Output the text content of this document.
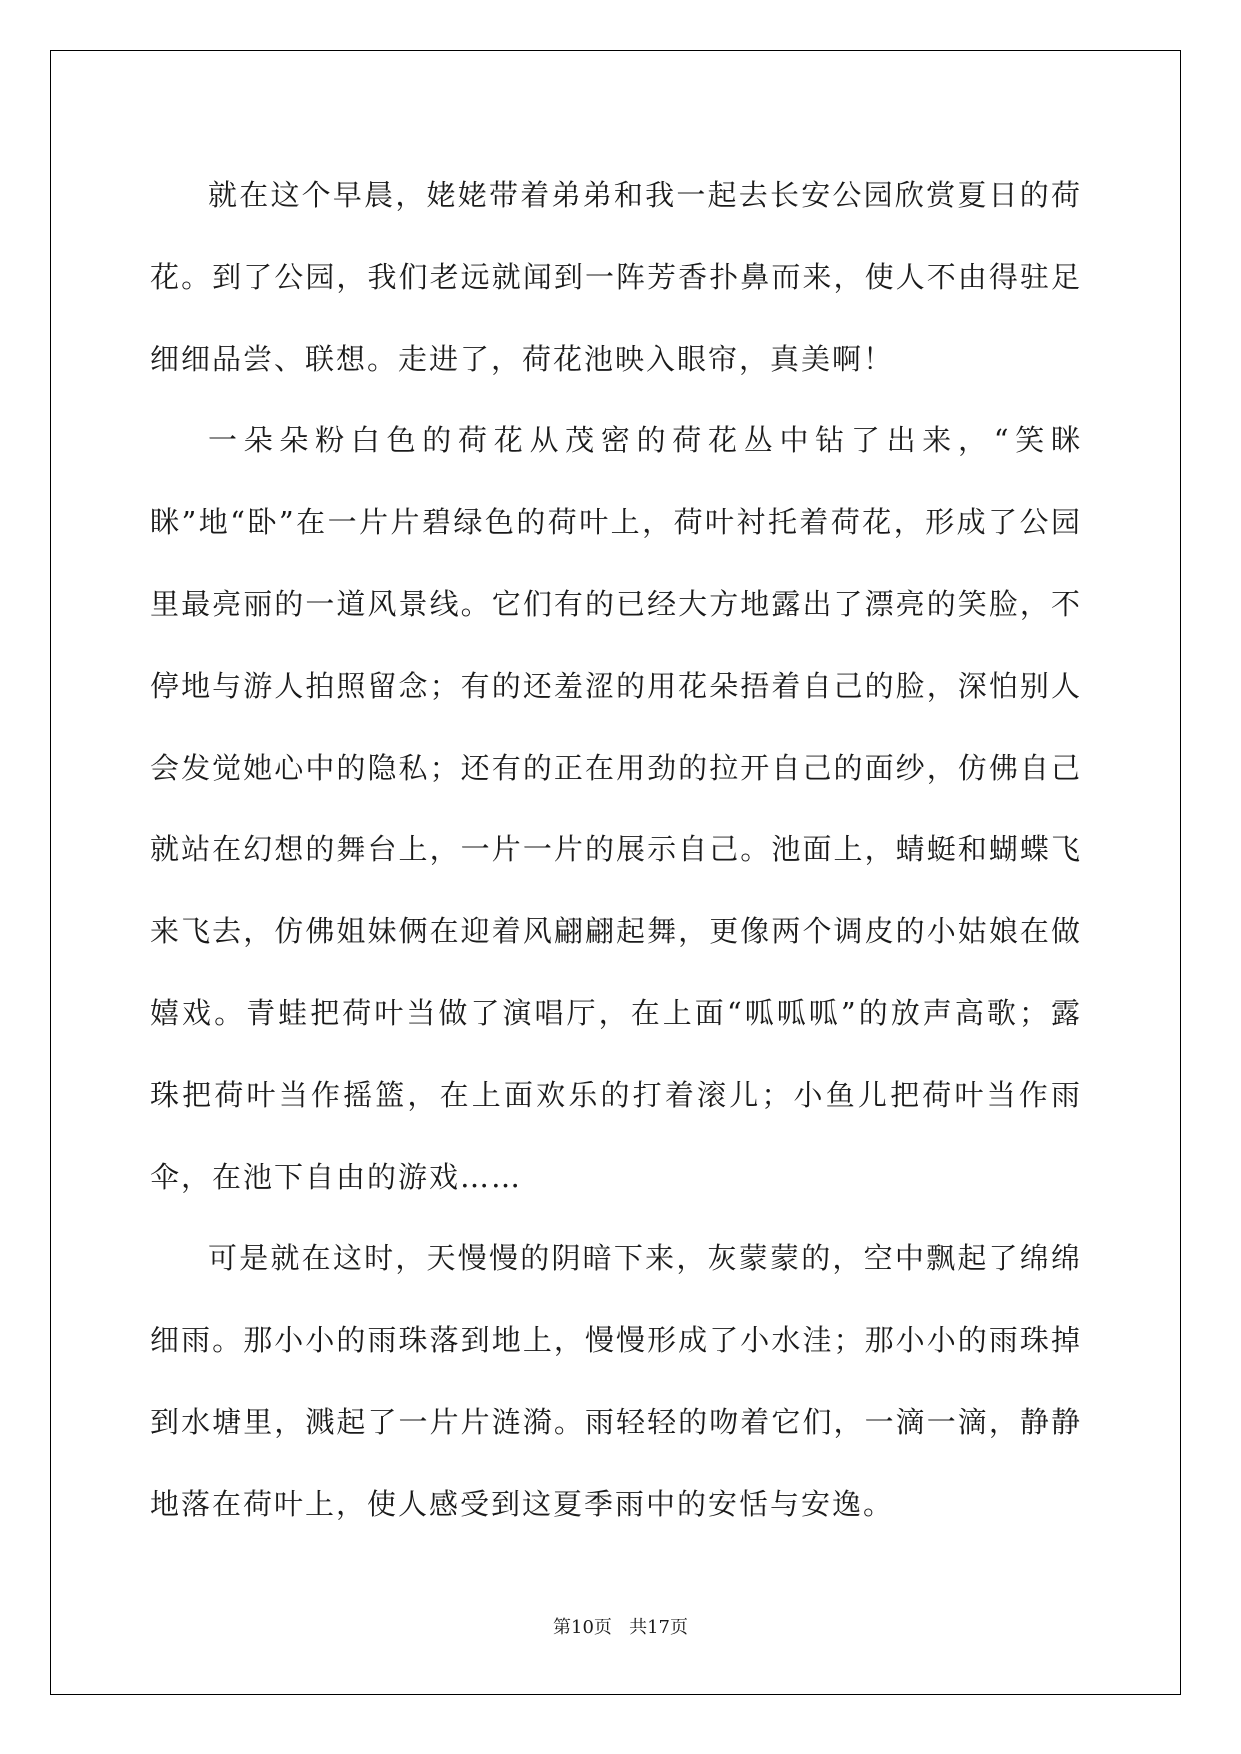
就在这个早晨，姥姥带着弟弟和我一起去长安公园欣赏夏日的荷花。到了公园，我们老远就闻到一阵芳香扑鼻而来，使人不由得驻足细细品尝、联想。走进了，荷花池映入眼帘，真美啊！

一朵朵粉白色的荷花从茂密的荷花丛中钻了出来，“笑眯眯”地“卧”在一片片碧绿色的荷叶上，荷叶衬托着荷花，形成了公园里最亮丽的一道风景线。它们有的已经大方地露出了漂亮的笑脸，不停地与游人拍照留念；有的还羞涩的用花朵捂着自己的脸，深怕别人会发觉她心中的隐私；还有的正在用劲的拉开自己的面纱，仿佛自己就站在幻想的舞台上，一片一片的展示自己。池面上，蜻蜓和蝴蝶飞来飞去，仿佛姐妹俩在迎着风翩翩起舞，更像两个调皮的小姑娘在做嬉戏。青蛙把荷叶当做了演唱厅，在上面“呱呱呱”的放声高歌；露珠把荷叶当作摇篮，在上面欢乐的打着滚儿；小鱼儿把荷叶当作雨伞，在池下自由的游戏……

可是就在这时，天慢慢的阴暗下来，灰蒙蒙的，空中飘起了绵绵细雨。那小小的雨珠落到地上，慢慢形成了小水洼；那小小的雨珠掉到水塘里，溅起了一片片涟漪。雨轻轻的吻着它们，一滴一滴，静静地落在荷叶上，使人感受到这夏季雨中的安恬与安逸。

第10页 共17页
